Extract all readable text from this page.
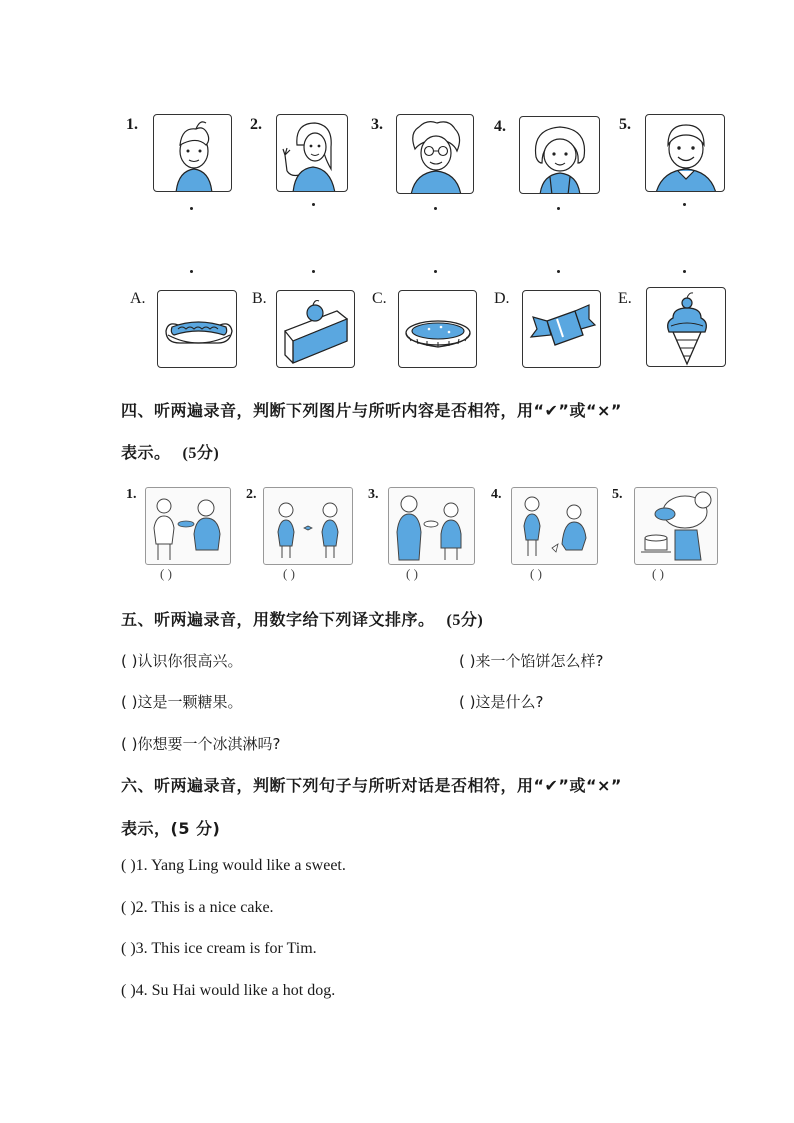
1.	2.	3.	4.	5.
A.	B.	C.	D.	E.
四、听两遍录音，判断下列图片与所听内容是否相符，用“✔”或“×”
表示。 (5分)
1.
( )
2.
( )
3.
( )
4.
( )
5.
( )
五、听两遍录音，用数字给下列译文排序。 (5分)
( )认识你很高兴。	( )来一个馅饼怎么样?
( )这是一颗糖果。	( )这是什么?
( )你想要一个冰淇淋吗?
六、听两遍录音，判断下列句子与所听对话是否相符，用“✔”或“×”
表示，(5 分)
( )1. Yang Ling would like a sweet.
( )2. This is a nice cake.
( )3. This ice cream is for Tim.
( )4. Su Hai would like a hot dog.
